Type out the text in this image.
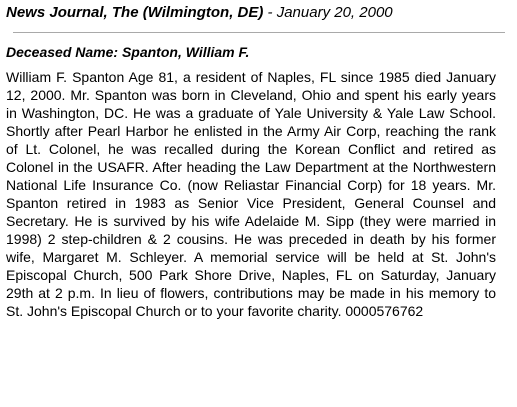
News Journal, The (Wilmington, DE) - January 20, 2000
Deceased Name: Spanton, William F.
William F. Spanton Age 81, a resident of Naples, FL since 1985 died January 12, 2000. Mr. Spanton was born in Cleveland, Ohio and spent his early years in Washington, DC. He was a graduate of Yale University & Yale Law School. Shortly after Pearl Harbor he enlisted in the Army Air Corp, reaching the rank of Lt. Colonel, he was recalled during the Korean Conflict and retired as Colonel in the USAFR. After heading the Law Department at the Northwestern National Life Insurance Co. (now Reliastar Financial Corp) for 18 years. Mr. Spanton retired in 1983 as Senior Vice President, General Counsel and Secretary. He is survived by his wife Adelaide M. Sipp (they were married in 1998) 2 step-children & 2 cousins. He was preceded in death by his former wife, Margaret M. Schleyer. A memorial service will be held at St. John's Episcopal Church, 500 Park Shore Drive, Naples, FL on Saturday, January 29th at 2 p.m. In lieu of flowers, contributions may be made in his memory to St. John's Episcopal Church or to your favorite charity. 0000576762
